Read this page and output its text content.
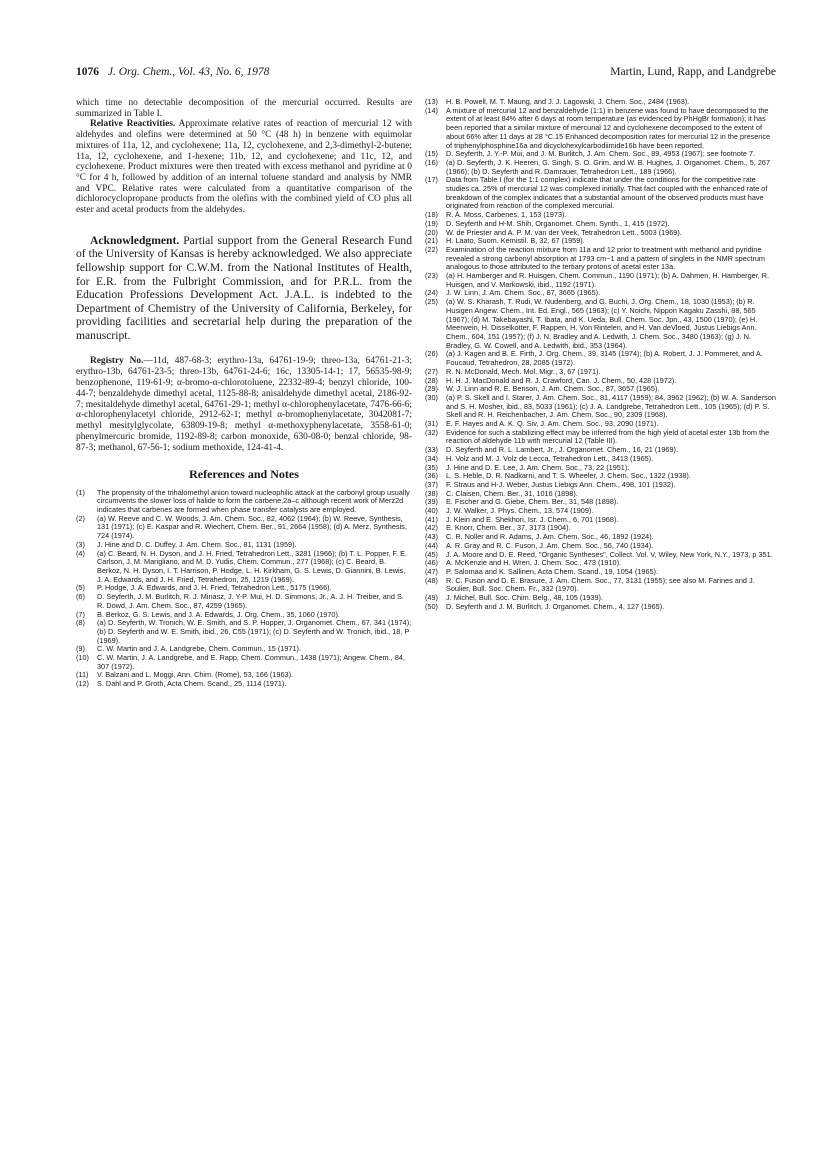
1076 J. Org. Chem., Vol. 43, No. 6, 1978	Martin, Lund, Rapp, and Landgrebe

which time no detectable decomposition of the mercurial occurred. Results are summarized in Table I.

Relative Reactivities. Approximate relative rates of reaction of mercurial 12 with aldehydes and olefins were determined at 50 °C (48 h) in benzene with equimolar mixtures of 11a, 12, and cyclohexene; 11a, 12, cyclohexene, and 2,3-dimethyl-2-butene; 11a, 12, cyclohexene, and 1-hexene; 11b, 12, and cyclohexene; and 11c, 12, and cyclohexene. Product mixtures were then treated with excess methanol and pyridine at 0 °C for 4 h, followed by addition of an internal toluene standard and analysis by NMR and VPC. Relative rates were calculated from a quantitative comparison of the dichlorocyclopropane products from the olefins with the combined yield of CO plus all ester and acetal products from the aldehydes.

Acknowledgment. Partial support from the General Research Fund of the University of Kansas is hereby acknowledged. We also appreciate fellowship support for C.W.M. from the National Institutes of Health, for E.R. from the Fulbright Commission, and for P.R.L. from the Education Professions Development Act. J.A.L. is indebted to the Department of Chemistry of the University of California, Berkeley, for providing facilities and secretarial help during the preparation of the manuscript.

Registry No.—11d, 487-68-3; erythro-13a, 64761-19-9; threo-13a, 64761-21-3; erythro-13b, 64761-23-5; threo-13b, 64761-24-6; 16c, 13305-14-1; 17, 56535-98-9; benzophenone, 119-61-9; α-bromo-α-chlorotoluene, 22332-89-4; benzyl chloride, 100-44-7; benzaldehyde dimethyl acetal, 1125-88-8; anisaldehyde dimethyl acetal, 2186-92-7; mesitaldehyde dimethyl acetal, 64761-29-1; methyl α-chlorophenylacetate, 7476-66-6; α-chlorophenylacetyl chloride, 2912-62-1; methyl α-bromophenylacetate, 3042081-7; methyl mesitylglycolate, 63809-19-8; methyl α-methoxyphenylacetate, 3558-61-0; phenylmercuric bromide, 1192-89-8; carbon monoxide, 630-08-0; benzal chloride, 98-87-3; methanol, 67-56-1; sodium methoxide, 124-41-4.

References and Notes
(1) The propensity of the trihalomethyl anion toward nucleophilic attack at the carbonyl group usually circumvents the slower loss of halide to form the carbene,2a–c although recent work of Merz2d indicates that carbenes are formed when phase transfer catalysts are employed.
(2) (a) W. Reeve and C. W. Woods, J. Am. Chem. Soc., 82, 4062 (1964); (b) W. Reeve, Synthesis, 131 (1971); (c) E. Kaspar and R. Wiechert, Chem. Ber., 91, 2664 (1958); (d) A. Merz, Synthesis, 724 (1974).
(3) J. Hine and D. C. Duffey, J. Am. Chem. Soc., 81, 1131 (1959).
(4) (a) C. Beard, N. H. Dyson, and J. H. Fried, Tetrahedron Lett., 3281 (1966); (b) T. L. Popper, F. E. Carlson, J. M. Marigliano, and M. D. Yudis, Chem. Commun., 277 (1968); (c) C. Beard, B. Berkoz, N. H. Dyson, I. T. Harrison, P. Hodge, L. H. Kirkham, G. S. Lewis, D. Giannini, B. Lewis, J. A. Edwards, and J. H. Fried, Tetrahedron, 25, 1219 (1969).
(5) P. Hodge, J. A. Edwards, and J. H. Fried, Tetrahedron Lett., 5175 (1966).
(6) D. Seyferth, J. M. Burlitch, R. J. Minasz, J. Y-P. Mui, H. D. Simmons, Jr., A. J. H. Treiber, and S. R. Dowd, J. Am. Chem. Soc., 87, 4259 (1965).
(7) B. Berkoz, G. S. Lewis, and J. A. Edwards, J. Org. Chem., 35, 1060 (1970).
(8) (a) D. Seyferth, W. Tronich, W. E. Smith, and S. P. Hopper, J. Organomet. Chem., 67, 341 (1974); (b) D. Seyferth and W. E. Smith, ibid., 26, C55 (1971); (c) D. Seyferth and W. Tronich, ibid., 18, P (1969).
(9) C. W. Martin and J. A. Landgrebe, Chem. Commun., 15 (1971).
(10) C. W. Martin, J. A. Landgrebe, and E. Rapp, Chem. Commun., 1438 (1971); Angew. Chem., 84, 307 (1972).
(11) V. Balzani and L. Moggi, Ann. Chim. (Rome), 53, 166 (1963).
(12) S. Dahl and P. Groth, Acta Chem. Scand., 25, 1114 (1971).
(13) H. B. Powell, M. T. Maung, and J. J. Lagowski, J. Chem. Soc., 2484 (1963).
(14) A mixture of mercurial 12 and benzaldehyde (1:1) in benzene was found to have decomposed to the extent of at least 84% after 6 days at room temperature (as evidenced by PhHgBr formation); it has been reported that a similar mixture of mercurial 12 and cyclohexene decomposed to the extent of about 66% after 11 days at 28 °C.15 Enhanced decomposition rates for mercurial 12 in the presence of triphenylphosphine16a and dicyclohexylcarbodiimide16b have been reported.
(15) D. Seyferth, J. Y.-P. Mui, and J. M. Burlitch, J. Am. Chem. Soc., 89, 4953 (1967); see footnote 7.
(16) (a) D. Seyferth, J. K. Heeren, G. Singh, S. O. Grim, and W. B. Hughes, J. Organomet. Chem., 5, 267 (1966); (b) D. Seyferth and R. Damrauer, Tetrahedron Lett., 189 (1966).
(17) Data from Table I (for the 1:1 complex) indicate that under the conditions for the competitive rate studies ca. 25% of mercurial 12 was complexed initially. That fact coupled with the enhanced rate of breakdown of the complex indicates that a substantial amount of the observed products must have originated from reaction of the complexed mercurial.
(18) R. A. Moss, Carbenes, 1, 153 (1973).
(19) D. Seyferth and H-M. Shih, Organomet. Chem. Synth., 1, 415 (1972).
(20) W. de Priester and A. P. M. van der Veek, Tetrahedron Lett., 5003 (1969).
(21) H. Laato, Suom. Kemistil. B, 32, 67 (1959).
(22) Examination of the reaction mixture from 11a and 12 prior to treatment with methanol and pyridine revealed a strong carbonyl absorption at 1793 cm−1 and a pattern of singlets in the NMR spectrum analogous to those attributed to the tertiary protons of acetal ester 13a.
(23) (a) H. Hamberger and R. Huisgen, Chem. Commun., 1190 (1971); (b) A. Dahmen, H. Hamberger, R. Huisgen, and V. Markowski, ibid., 1192 (1971).
(24) J. W. Linn, J. Am. Chem. Soc., 87, 3665 (1965).
(25) (a) W. S. Kharash, T. Rudi, W. Nudenberg, and G. Buchi, J. Org. Chem., 18, 1030 (1953); (b) R. Husigen Angew. Chem., Int. Ed. Engl., 565 (1963); (c) Y. Noichi, Nippon Kagaku Zasshi, 88, 565 (1967); (d) M. Takebayashi, T. Ibata, and K. Ueda, Bull. Chem. Soc. Jpn., 43, 1500 (1970); (e) H. Meerwein, H. Disselkotter, F. Rappen, H. Von Rintelen, and H. Van deVloed, Justus Liebigs Ann. Chem., 604, 151 (1957); (f) J. N. Bradley and A. Ledwith, J. Chem. Soc., 3480 (1963); (g) J. N. Bradley, G. W. Cowell, and A. Ledwith, ibid., 353 (1964).
(26) (a) J. Kagen and B. E. Firth, J. Org. Chem., 39, 3145 (1974); (b) A. Robert, J. J. Pommeret, and A. Foucaud, Tetrahedron, 28, 2085 (1972).
(27) R. N. McDonald, Mech. Mol. Migr., 3, 67 (1971).
(28) H. H. J. MacDonald and R. J. Crawford, Can. J. Chem., 50, 428 (1972).
(29) W. J. Linn and R. E. Benson, J. Am. Chem. Soc., 87, 3657 (1965).
(30) (a) P. S. Skell and I. Starer, J. Am. Chem. Soc., 81, 4117 (1959); 84, 3962 (1962); (b) W. A. Sanderson and S. H. Mosher, ibid., 83, 5033 (1961); (c) J. A. Landgrebe, Tetrahedron Lett., 105 (1965); (d) P. S. Skell and R. H. Reichenbacher, J. Am. Chem. Soc., 90, 2309 (1968).
(31) E. F. Hayes and A. K. Q. Siv, J. Am. Chem. Soc., 93, 2090 (1971).
(32) Evidence for such a stabilizing effect may be inferred from the high yield of acetal ester 13b from the reaction of aldehyde 11b with mercurial 12 (Table III).
(33) D. Seyferth and R. L. Lambert, Jr., J. Organomet. Chem., 16, 21 (1969).
(34) H. Volz and M. J. Volz de Lecca, Tetrahedron Lett., 3413 (1965).
(35) J. Hine and D. E. Lee, J. Am. Chem. Soc., 73, 22 (1951).
(36) L. S. Heble, D. R. Nadkarni, and T. S. Wheeler, J. Chem. Soc., 1322 (1938).
(37) F. Straus and H-J. Weber, Justus Liebigs Ann. Chem., 498, 101 (1932).
(38) C. Claisen, Chem. Ber., 31, 1016 (1898).
(39) E. Fischer and G. Giebe, Chem. Ber., 31, 548 (1898).
(40) J. W. Walker, J. Phys. Chem., 13, 574 (1909).
(41) J. Klein and E. Shekhori, Isr. J. Chem., 6, 701 (1968).
(42) E. Knorr, Chem. Ber., 37, 3173 (1904).
(43) C. R. Noller and R. Adams, J. Am. Chem. Soc., 46, 1892 (1924).
(44) A. R. Gray and R. C. Fuson, J. Am. Chem. Soc., 56, 740 (1934).
(45) J. A. Moore and D. E. Reed, "Organic Syntheses", Collect. Vol. V, Wiley, New York, N.Y., 1973, p 351.
(46) A. McKenzie and H. Wren, J. Chem. Soc., 473 (1910).
(47) P. Salomaa and K. Sallinen, Acta Chem. Scand., 19, 1054 (1965).
(48) R. C. Fuson and D. E. Brasure, J. Am. Chem. Soc., 77, 3131 (1955); see also M. Farines and J. Soulier, Bull. Soc. Chem. Fr., 332 (1970).
(49) J. Michel, Bull. Soc. Chim. Belg., 48, 105 (1939).
(50) D. Seyferth and J. M. Burlitch, J. Organomet. Chem., 4, 127 (1965).
